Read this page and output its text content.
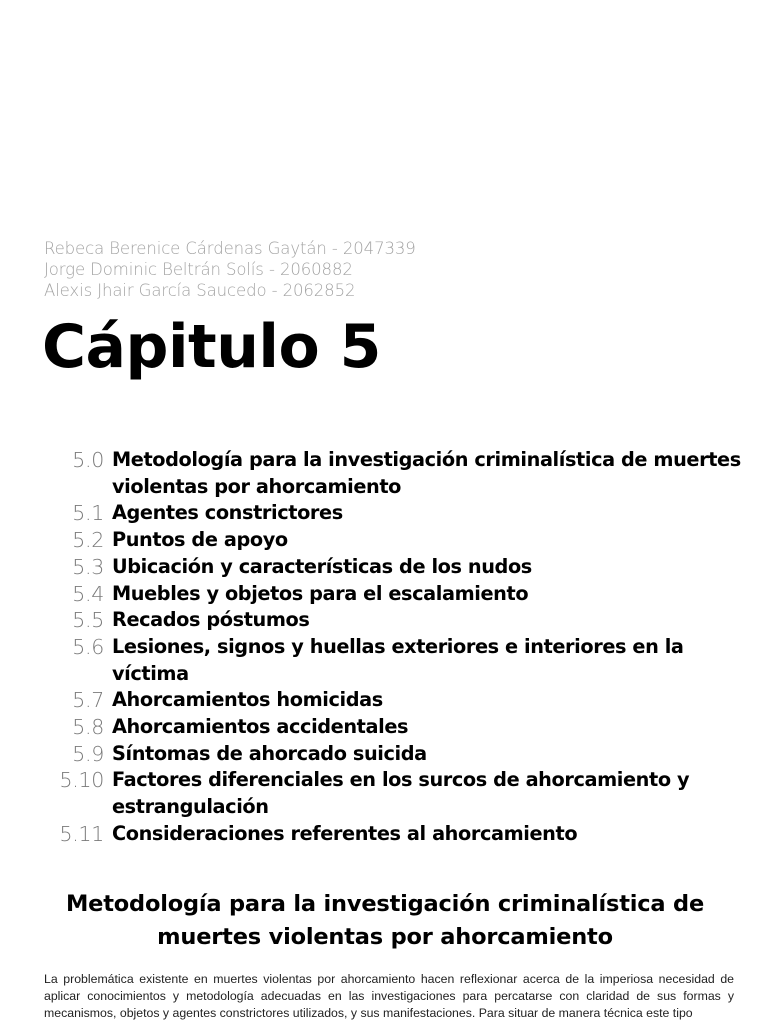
Rebeca Berenice Cárdenas Gaytán - 2047339
Jorge Dominic Beltrán Solís - 2060882
Alexis Jhair García Saucedo - 2062852
Cápitulo 5
5.0 Metodología para la investigación criminalística de muertes violentas por ahorcamiento
5.1 Agentes constrictores
5.2 Puntos de apoyo
5.3 Ubicación y características de los nudos
5.4 Muebles y objetos para el escalamiento
5.5 Recados póstumos
5.6 Lesiones, signos y huellas exteriores e interiores en la víctima
5.7 Ahorcamientos homicidas
5.8 Ahorcamientos accidentales
5.9 Síntomas de ahorcado suicida
5.10 Factores diferenciales en los surcos de ahorcamiento y estrangulación
5.11 Consideraciones referentes al ahorcamiento
Metodología para la investigación criminalística de muertes violentas por ahorcamiento

La problemática existente en muertes violentas por ahorcamiento hacen reflexionar acerca de la imperiosa necesidad de aplicar conocimientos y metodología adecuadas en las investigaciones para percatarse con claridad de sus formas y mecanismos, objetos y agentes constrictores utilizados, y sus manifestaciones. Para situar de manera técnica este tipo
